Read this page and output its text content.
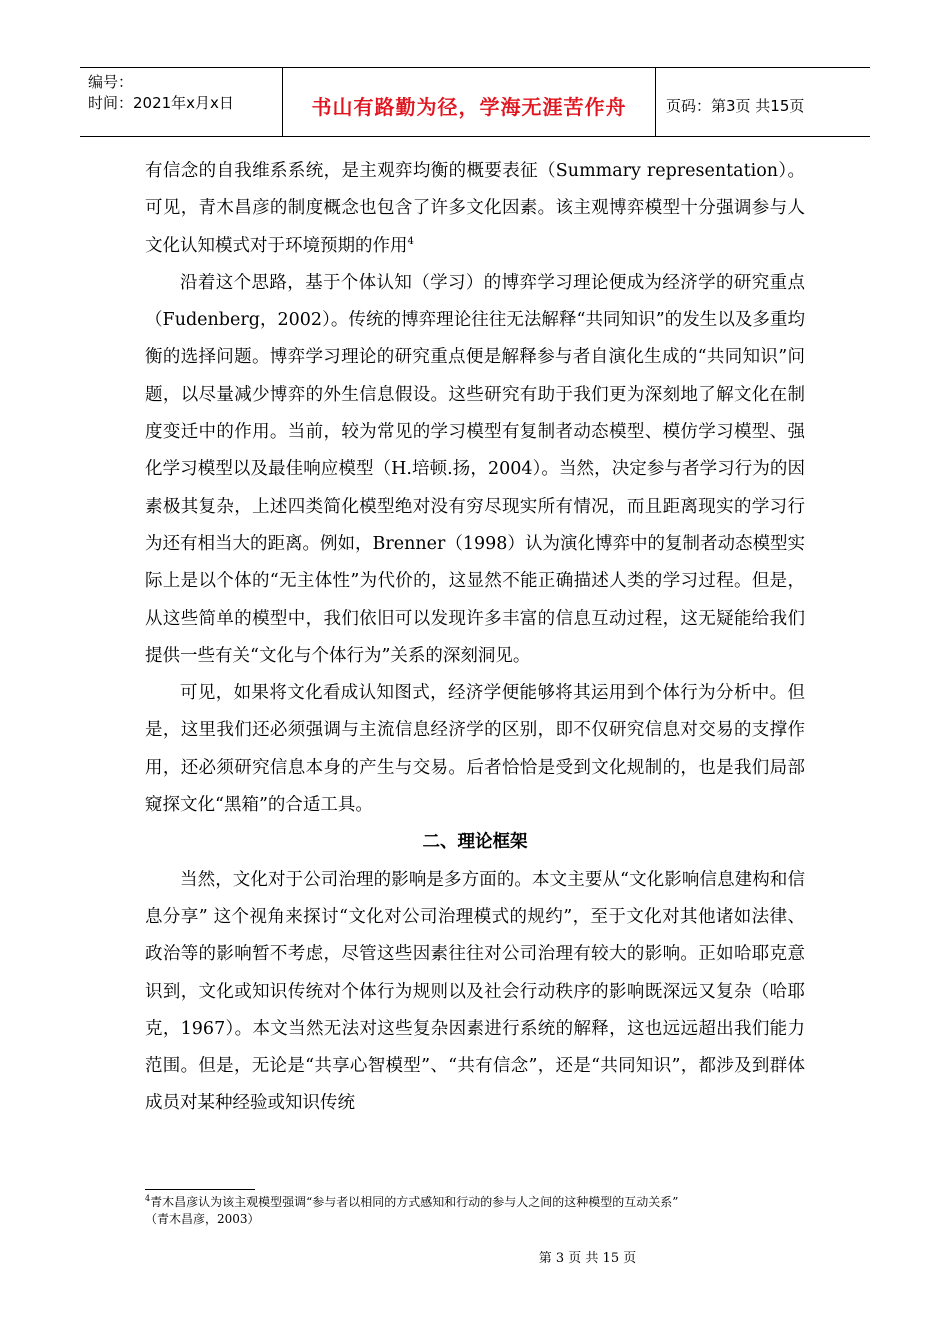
编号：
时间：2021年x月x日	书山有路勤为径，学海无涯苦作舟	页码：第3页 共15页

有信念的自我维系系统，是主观弈均衡的概要表征（Summary representation）。可见，青木昌彦的制度概念也包含了许多文化因素。该主观博弈模型十分强调参与人文化认知模式对于环境预期的作用$^4$

沿着这个思路，基于个体认知（学习）的博弈学习理论便成为经济学的研究重点（Fudenberg，2002）。传统的博弈理论往往无法解释“共同知识”的发生以及多重均衡的选择问题。博弈学习理论的研究重点便是解释参与者自演化生成的“共同知识”问题，以尽量减少博弈的外生信息假设。这些研究有助于我们更为深刻地了解文化在制度变迁中的作用。当前，较为常见的学习模型有复制者动态模型、模仿学习模型、强化学习模型以及最佳响应模型（H.培顿.扬，2004）。当然，决定参与者学习行为的因素极其复杂，上述四类简化模型绝对没有穷尽现实所有情况，而且距离现实的学习行为还有相当大的距离。例如，Brenner（1998）认为演化博弈中的复制者动态模型实际上是以个体的“无主体性”为代价的，这显然不能正确描述人类的学习过程。但是，从这些简单的模型中，我们依旧可以发现许多丰富的信息互动过程，这无疑能给我们提供一些有关“文化与个体行为”关系的深刻洞见。

可见，如果将文化看成认知图式，经济学便能够将其运用到个体行为分析中。但是，这里我们还必须强调与主流信息经济学的区别，即不仅研究信息对交易的支撑作用，还必须研究信息本身的产生与交易。后者恰恰是受到文化规制的，也是我们局部窥探文化“黑箱”的合适工具。

二、理论框架

当然，文化对于公司治理的影响是多方面的。本文主要从“文化影响信息建构和信息分享” 这个视角来探讨“文化对公司治理模式的规约”，至于文化对其他诸如法律、政治等的影响暂不考虑，尽管这些因素往往对公司治理有较大的影响。正如哈耶克意识到，文化或知识传统对个体行为规则以及社会行动秩序的影响既深远又复杂（哈耶克，1967）。本文当然无法对这些复杂因素进行系统的解释，这也远远超出我们能力范围。但是，无论是“共享心智模型”、“共有信念”，还是“共同知识”，都涉及到群体成员对某种经验或知识传统

$^4$青木昌彦认为该主观模型强调“参与者以相同的方式感知和行动的参与人之间的这种模型的互动关系”
（青木昌彦，2003）
第 3 页 共 15 页
